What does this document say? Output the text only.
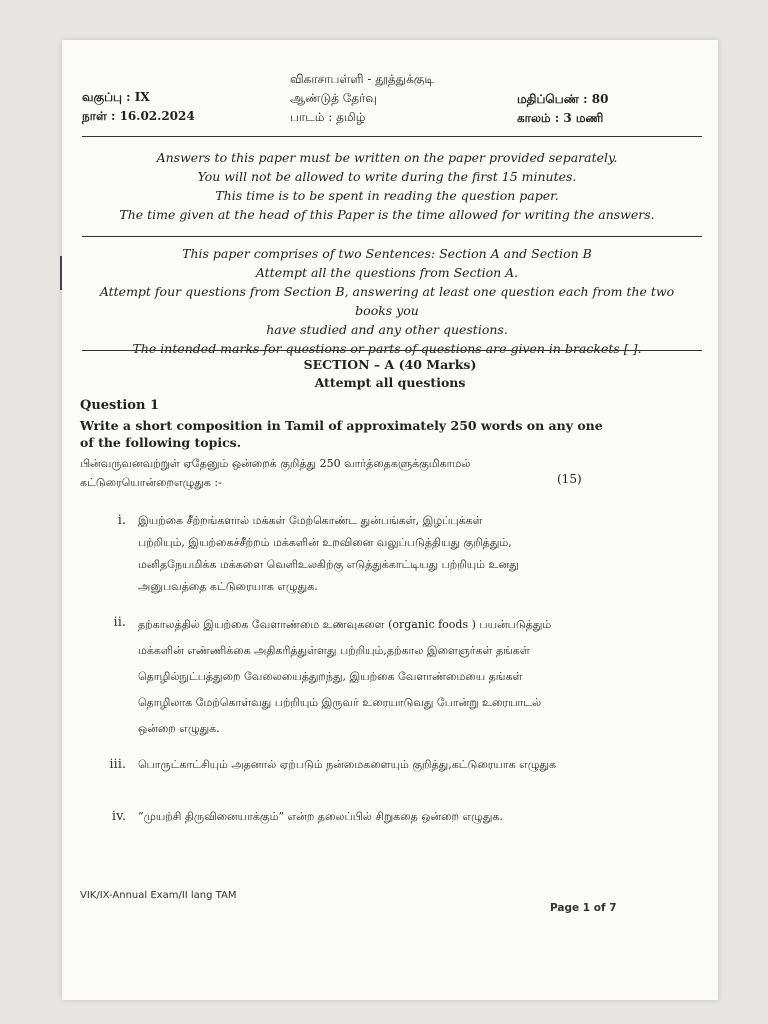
விகாசாபள்ளி - தூத்துக்குடி
ஆண்டுத் தேர்வு
பாடம் : தமிழ்
வகுப்பு : IX
நாள் : 16.02.2024
மதிப்பெண் : 80
காலம் : 3 மணி
Answers to this paper must be written on the paper provided separately.
You will not be allowed to write during the first 15 minutes.
This time is to be spent in reading the question paper.
The time given at the head of this Paper is the time allowed for writing the answers.
This paper comprises of two Sentences: Section A and Section B
Attempt all the questions from Section A.
Attempt four questions from Section B, answering at least one question each from the two books you
have studied and any other questions.
The intended marks for questions or parts of questions are given in brackets [ ].
SECTION – A (40 Marks)
Attempt all questions
Question 1
Write a short composition in Tamil of approximately 250 words on any one of the following topics.
பின்வருவனவற்றுள் ஏதேனும் ஒன்றைக் குறித்து 250 வார்த்தைகளுக்குமிகாமல்
கட்டுரையொன்றைஎழுதுக :-	(15)
i. இயற்கை சீற்றங்களால் மக்கள் மேற்கொண்ட துன்பங்கள், இழப்புக்கள்
பற்றியும், இயற்கைச்சீற்றம் மக்களின் உறவினை வலுப்படுத்தியது குறித்தும்,
மனிதநேயமிக்க மக்களை வெளிஉலகிற்கு எடுத்துக்காட்டியது பற்றியும் உனது
அனுபவத்தை கட்டுரையாக எழுதுக.
ii. தற்காலத்தில் இயற்கை வேளாண்மை உணவுகளை (organic foods ) பயன்படுத்தும்
மக்களின் எண்ணிக்கை அதிகரித்துள்ளது பற்றியும்,தற்கால இளைஞர்கள் தங்கள்
தொழில்நுட்பத்துறை வேலையைத்துறந்து, இயற்கை வேளாண்மையை தங்கள்
தொழிலாக மேற்கொள்வது பற்றியும் இருவர் உரையாடுவது போன்று உரையாடல்
ஒன்றை எழுதுக.
iii. பொருட்காட்சியும் அதனால் ஏற்படும் நன்மைகளையும் குறித்து,கட்டுரையாக எழுதுக
iv. “முயற்சி திருவினையாக்கும்” என்ற தலைப்பில் சிறுகதை ஒன்றை எழுதுக.
VIK/IX-Annual Exam/II lang TAM
Page 1 of 7
